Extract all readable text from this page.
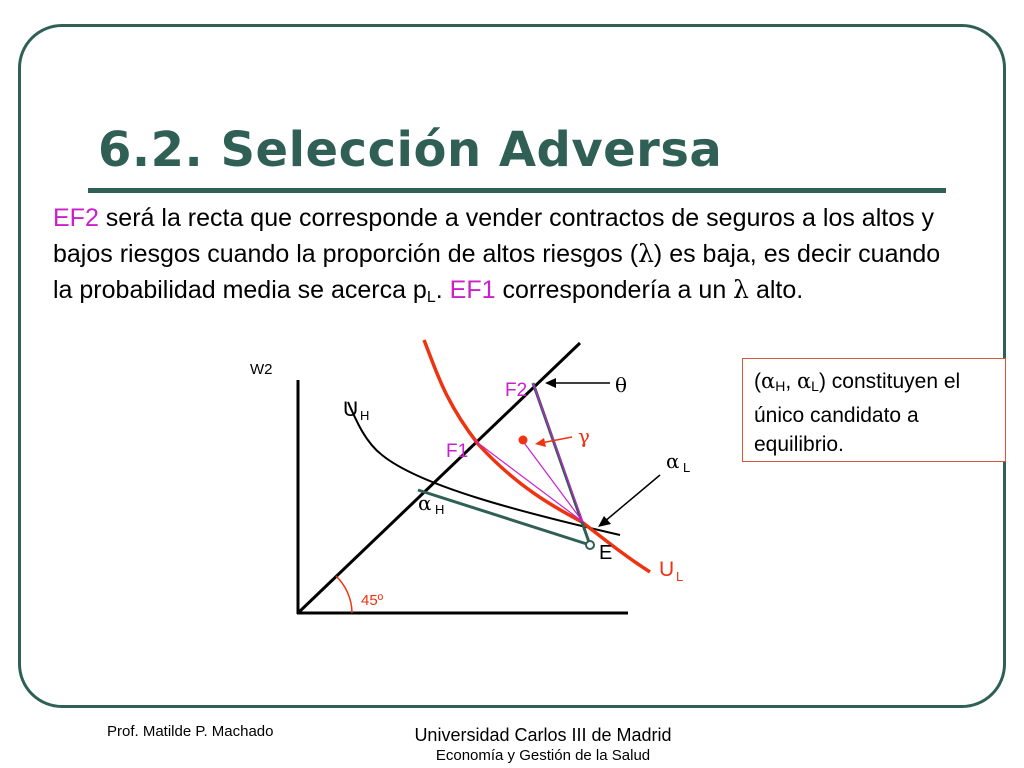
6.2. Selección Adversa

EF2 será la recta que corresponde a vender contractos de seguros a los altos y bajos riesgos cuando la proporción de altos riesgos (λ) es baja, es decir cuando la probabilidad media se acerca $p_L$. EF1 correspondería a un λ alto.

W2
F2
F1
θ
γ
U H
α L
α H
E
U L
45º
($\alpha_H$, $\alpha_L$) constituyen el único candidato a equilibrio.
Prof. Matilde P. Machado	Universidad Carlos III de Madrid
Economía y Gestión de la Salud
